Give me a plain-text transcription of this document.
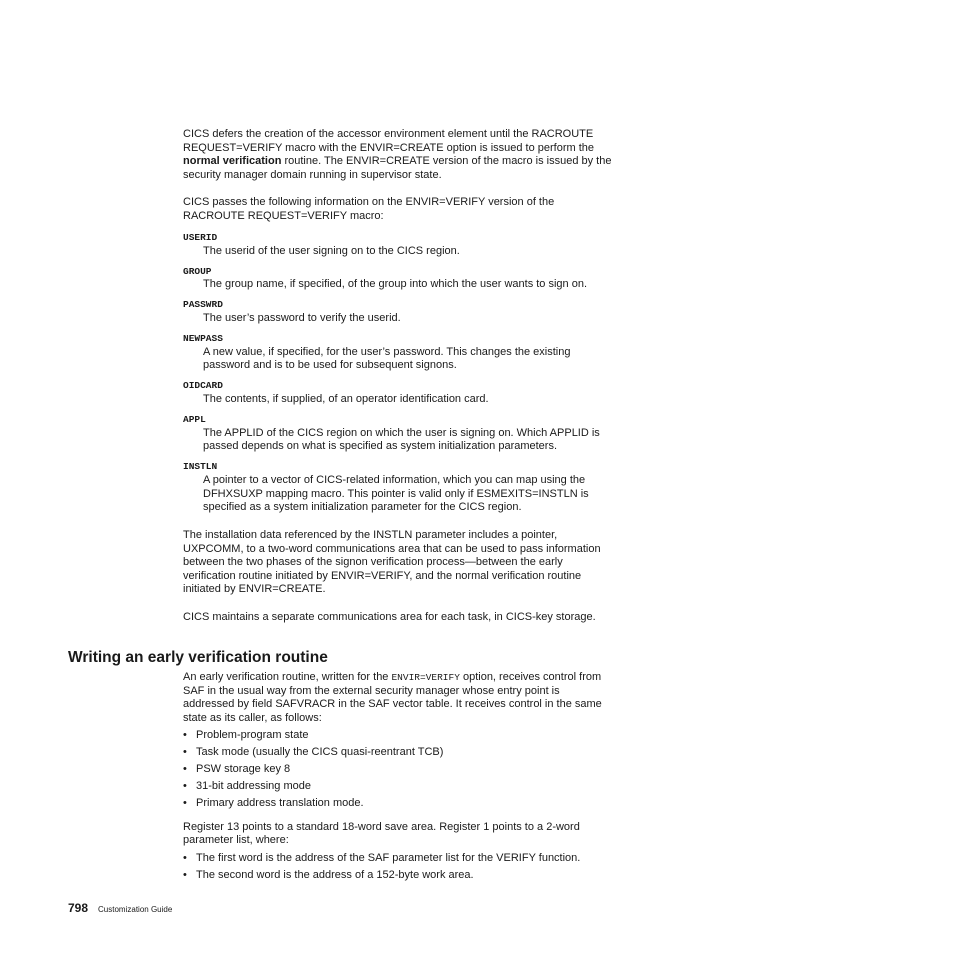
CICS defers the creation of the accessor environment element until the RACROUTE REQUEST=VERIFY macro with the ENVIR=CREATE option is issued to perform the normal verification routine. The ENVIR=CREATE version of the macro is issued by the security manager domain running in supervisor state.

CICS passes the following information on the ENVIR=VERIFY version of the RACROUTE REQUEST=VERIFY macro:

USERID
The userid of the user signing on to the CICS region.
GROUP
The group name, if specified, of the group into which the user wants to sign on.
PASSWRD
The user’s password to verify the userid.
NEWPASS
A new value, if specified, for the user’s password. This changes the existing password and is to be used for subsequent signons.
OIDCARD
The contents, if supplied, of an operator identification card.
APPL
The APPLID of the CICS region on which the user is signing on. Which APPLID is passed depends on what is specified as system initialization parameters.
INSTLN
A pointer to a vector of CICS-related information, which you can map using the DFHXSUXP mapping macro. This pointer is valid only if ESMEXITS=INSTLN is specified as a system initialization parameter for the CICS region.

The installation data referenced by the INSTLN parameter includes a pointer, UXPCOMM, to a two-word communications area that can be used to pass information between the two phases of the signon verification process—between the early verification routine initiated by ENVIR=VERIFY, and the normal verification routine initiated by ENVIR=CREATE.

CICS maintains a separate communications area for each task, in CICS-key storage.

Writing an early verification routine

An early verification routine, written for the ENVIR=VERIFY option, receives control from SAF in the usual way from the external security manager whose entry point is addressed by field SAFVRACR in the SAF vector table. It receives control in the same state as its caller, as follows:

• Problem-program state
• Task mode (usually the CICS quasi-reentrant TCB)
• PSW storage key 8
• 31-bit addressing mode
• Primary address translation mode.

Register 13 points to a standard 18-word save area. Register 1 points to a 2-word parameter list, where:

• The first word is the address of the SAF parameter list for the VERIFY function.
• The second word is the address of a 152-byte work area.
798 Customization Guide
